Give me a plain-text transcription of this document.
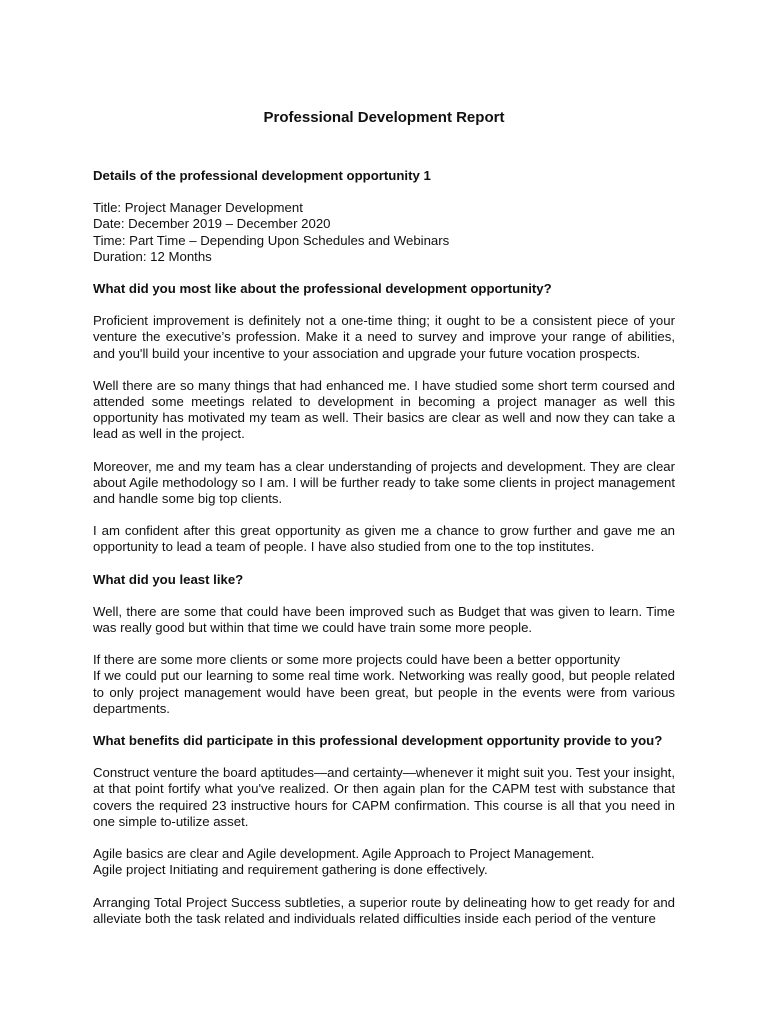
Professional Development Report
Details of the professional development opportunity 1
Title: Project Manager Development
Date: December 2019 – December 2020
Time: Part Time – Depending Upon Schedules and Webinars
Duration: 12 Months
What did you most like about the professional development opportunity?

Proficient improvement is definitely not a one-time thing; it ought to be a consistent piece of your venture the executive’s profession. Make it a need to survey and improve your range of abilities, and you'll build your incentive to your association and upgrade your future vocation prospects.

Well there are so many things that had enhanced me. I have studied some short term coursed and attended some meetings related to development in becoming a project manager as well this opportunity has motivated my team as well. Their basics are clear as well and now they can take a lead as well in the project.

Moreover, me and my team has a clear understanding of projects and development. They are clear about Agile methodology so I am. I will be further ready to take some clients in project management and handle some big top clients.

I am confident after this great opportunity as given me a chance to grow further and gave me an opportunity to lead a team of people. I have also studied from one to the top institutes.

What did you least like?

Well, there are some that could have been improved such as Budget that was given to learn. Time was really good but within that time we could have train some more people.

If there are some more clients or some more projects could have been a better opportunity

If we could put our learning to some real time work. Networking was really good, but people related to only project management would have been great, but people in the events were from various departments.

What benefits did participate in this professional development opportunity provide to you?

Construct venture the board aptitudes—and certainty—whenever it might suit you. Test your insight, at that point fortify what you've realized. Or then again plan for the CAPM test with substance that covers the required 23 instructive hours for CAPM confirmation. This course is all that you need in one simple to-utilize asset.

Agile basics are clear and Agile development. Agile Approach to Project Management.
Agile project Initiating and requirement gathering is done effectively.

Arranging Total Project Success subtleties, a superior route by delineating how to get ready for and alleviate both the task related and individuals related difficulties inside each period of the venture
